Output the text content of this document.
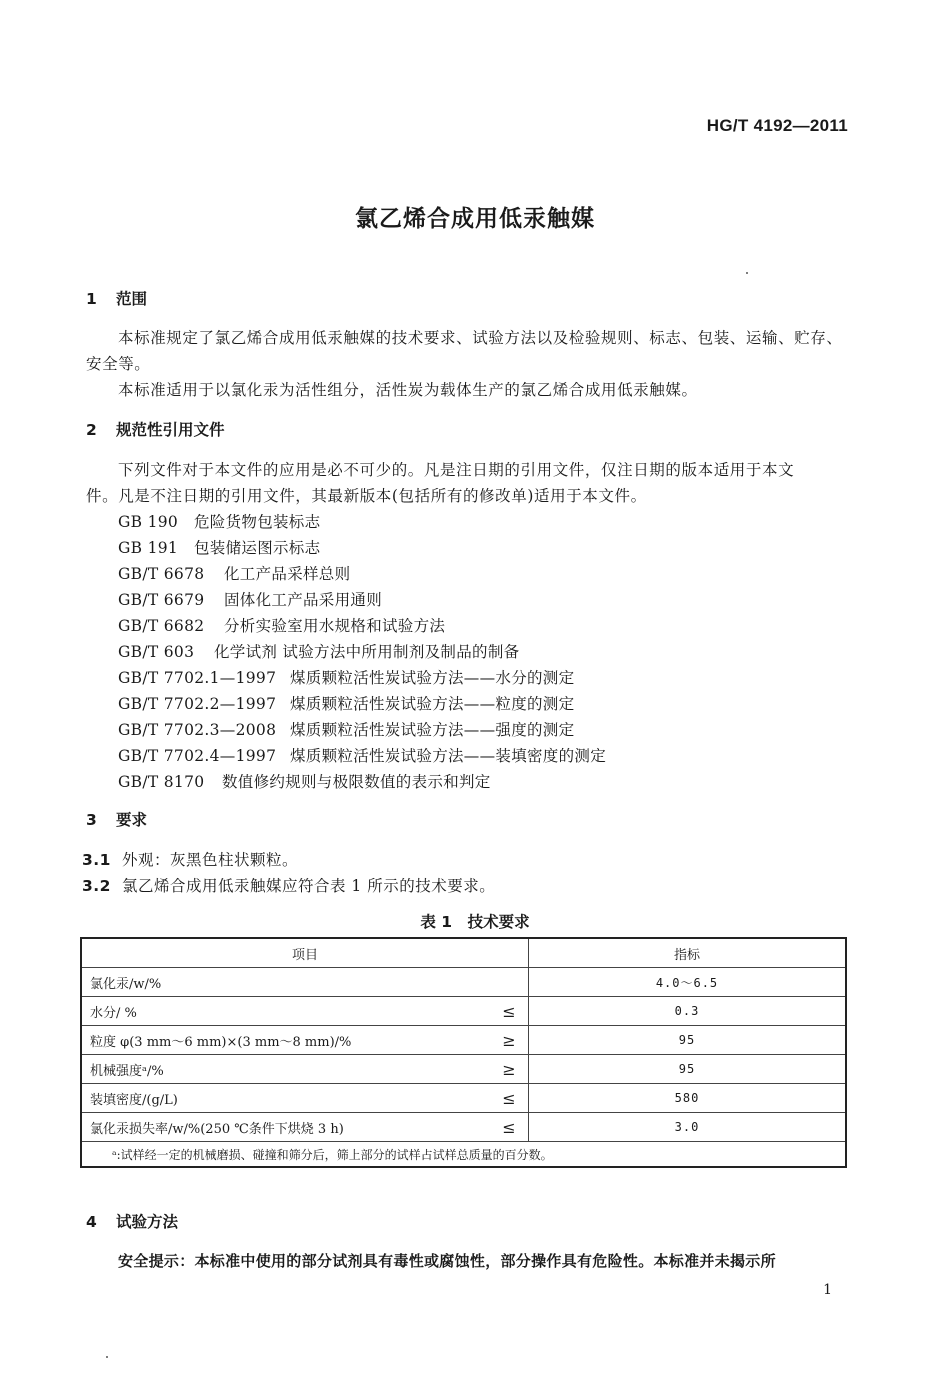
HG/T 4192—2011
氯乙烯合成用低汞触媒
1 范围
本标准规定了氯乙烯合成用低汞触媒的技术要求、试验方法以及检验规则、标志、包装、运输、贮存、
安全等。
本标准适用于以氯化汞为活性组分，活性炭为载体生产的氯乙烯合成用低汞触媒。
2 规范性引用文件
下列文件对于本文件的应用是必不可少的。凡是注日期的引用文件，仅注日期的版本适用于本文
件。凡是不注日期的引用文件，其最新版本(包括所有的修改单)适用于本文件。
GB 190 危险货物包装标志
GB 191 包装储运图示标志
GB/T 6678 化工产品采样总则
GB/T 6679 固体化工产品采用通则
GB/T 6682 分析实验室用水规格和试验方法
GB/T 603 化学试剂 试验方法中所用制剂及制品的制备
GB/T 7702.1—1997 煤质颗粒活性炭试验方法——水分的测定
GB/T 7702.2—1997 煤质颗粒活性炭试验方法——粒度的测定
GB/T 7702.3—2008 煤质颗粒活性炭试验方法——强度的测定
GB/T 7702.4—1997 煤质颗粒活性炭试验方法——装填密度的测定
GB/T 8170 数值修约规则与极限数值的表示和判定
3 要求
3.1 外观：灰黑色柱状颗粒。
3.2 氯乙烯合成用低汞触媒应符合表 1 所示的技术要求。
表 1　技术要求
项目		指标
氯化汞/w/%		4.0～6.5
水分/ %	≤	0.3
粒度 φ(3 mm～6 mm)×(3 mm～8 mm)/%	≥	95
机械强度ᵃ/%	≥	95
装填密度/(g/L)	≤	580
氯化汞损失率/w/%(250 ℃条件下烘烧 3 h)	≤	3.0
ᵃ:试样经一定的机械磨损、碰撞和筛分后，筛上部分的试样占试样总质量的百分数。		
4 试验方法
安全提示：本标准中使用的部分试剂具有毒性或腐蚀性，部分操作具有危险性。本标准并未揭示所
1
